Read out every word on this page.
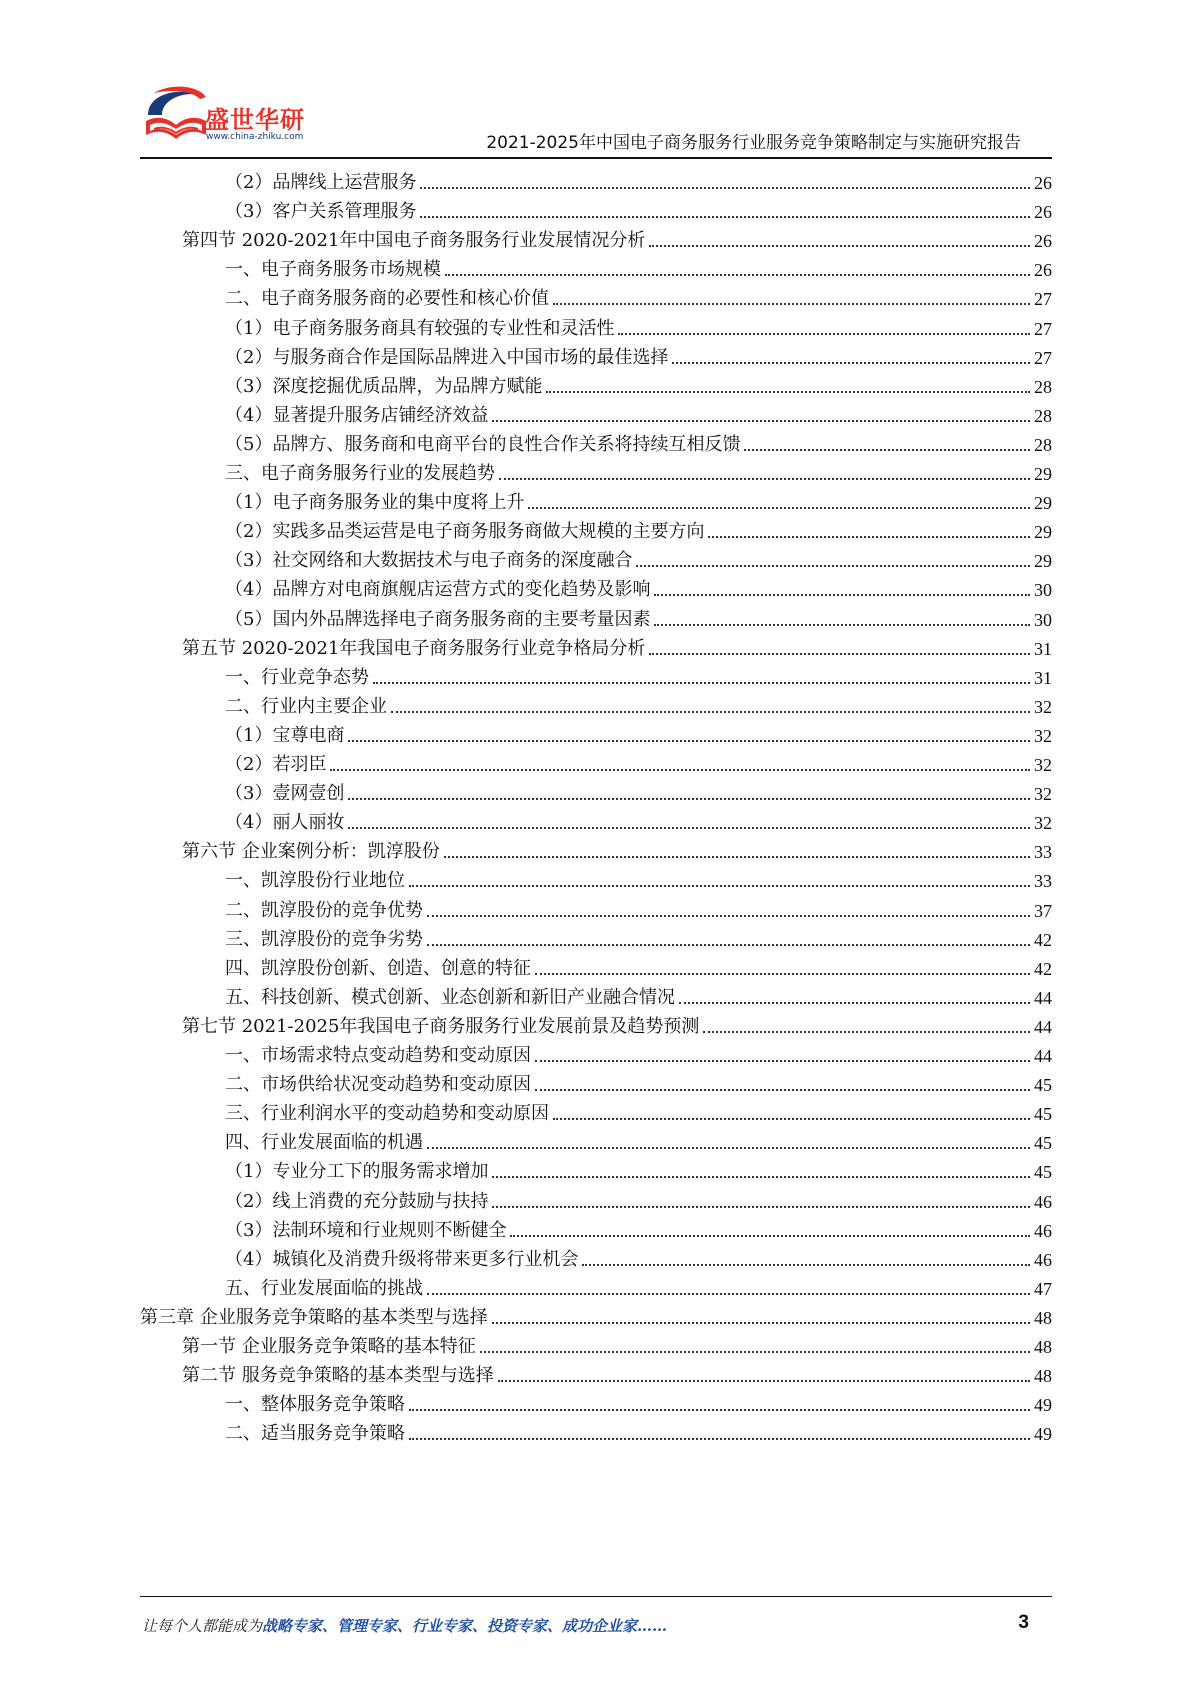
盛世华研
www.china-zhiku.com	2021-2025年中国电子商务服务行业服务竞争策略制定与实施研究报告
（2）品牌线上运营服务	26
（3）客户关系管理服务	26
第四节 2020-2021年中国电子商务服务行业发展情况分析	26
一、电子商务服务市场规模	26
二、电子商务服务商的必要性和核心价值	27
（1）电子商务服务商具有较强的专业性和灵活性	27
（2）与服务商合作是国际品牌进入中国市场的最佳选择	27
（3）深度挖掘优质品牌，为品牌方赋能	28
（4）显著提升服务店铺经济效益	28
（5）品牌方、服务商和电商平台的良性合作关系将持续互相反馈	28
三、电子商务服务行业的发展趋势	29
（1）电子商务服务业的集中度将上升	29
（2）实践多品类运营是电子商务服务商做大规模的主要方向	29
（3）社交网络和大数据技术与电子商务的深度融合	29
（4）品牌方对电商旗舰店运营方式的变化趋势及影响	30
（5）国内外品牌选择电子商务服务商的主要考量因素	30
第五节 2020-2021年我国电子商务服务行业竞争格局分析	31
一、行业竞争态势	31
二、行业内主要企业	32
（1）宝尊电商	32
（2）若羽臣	32
（3）壹网壹创	32
（4）丽人丽妆	32
第六节 企业案例分析：凯淳股份	33
一、凯淳股份行业地位	33
二、凯淳股份的竞争优势	37
三、凯淳股份的竞争劣势	42
四、凯淳股份创新、创造、创意的特征	42
五、科技创新、模式创新、业态创新和新旧产业融合情况	44
第七节 2021-2025年我国电子商务服务行业发展前景及趋势预测	44
一、市场需求特点变动趋势和变动原因	44
二、市场供给状况变动趋势和变动原因	45
三、行业利润水平的变动趋势和变动原因	45
四、行业发展面临的机遇	45
（1）专业分工下的服务需求增加	45
（2）线上消费的充分鼓励与扶持	46
（3）法制环境和行业规则不断健全	46
（4）城镇化及消费升级将带来更多行业机会	46
五、行业发展面临的挑战	47
第三章 企业服务竞争策略的基本类型与选择	48
第一节 企业服务竞争策略的基本特征	48
第二节 服务竞争策略的基本类型与选择	48
一、整体服务竞争策略	49
二、适当服务竞争策略	49
让每个人都能成为战略专家、管理专家、行业专家、投资专家、成功企业家……	3
